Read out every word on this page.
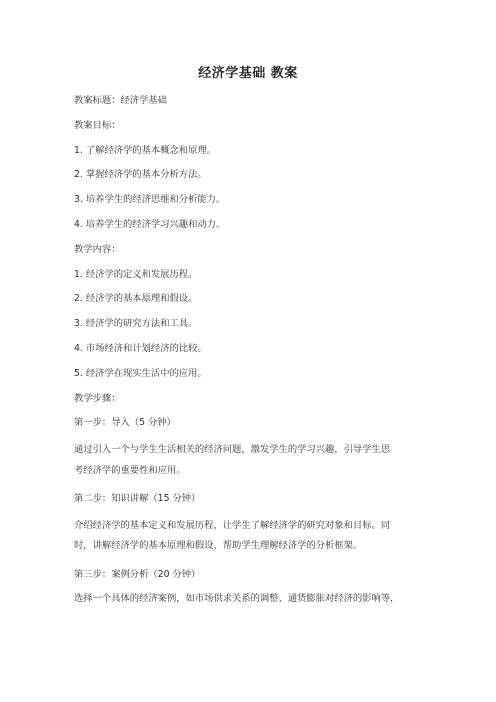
经济学基础 教案
教案标题：经济学基础
教案目标：
1. 了解经济学的基本概念和原理。
2. 掌握经济学的基本分析方法。
3. 培养学生的经济思维和分析能力。
4. 培养学生的经济学习兴趣和动力。
教学内容：
1. 经济学的定义和发展历程。
2. 经济学的基本原理和假设。
3. 经济学的研究方法和工具。
4. 市场经济和计划经济的比较。
5. 经济学在现实生活中的应用。
教学步骤：
第一步：导入（5 分钟）
通过引入一个与学生生活相关的经济问题，激发学生的学习兴趣，引导学生思
考经济学的重要性和应用。
第二步：知识讲解（15 分钟）
介绍经济学的基本定义和发展历程，让学生了解经济学的研究对象和目标。同
时，讲解经济学的基本原理和假设，帮助学生理解经济学的分析框架。
第三步：案例分析（20 分钟）
选择一个具体的经济案例，如市场供求关系的调整、通货膨胀对经济的影响等，
